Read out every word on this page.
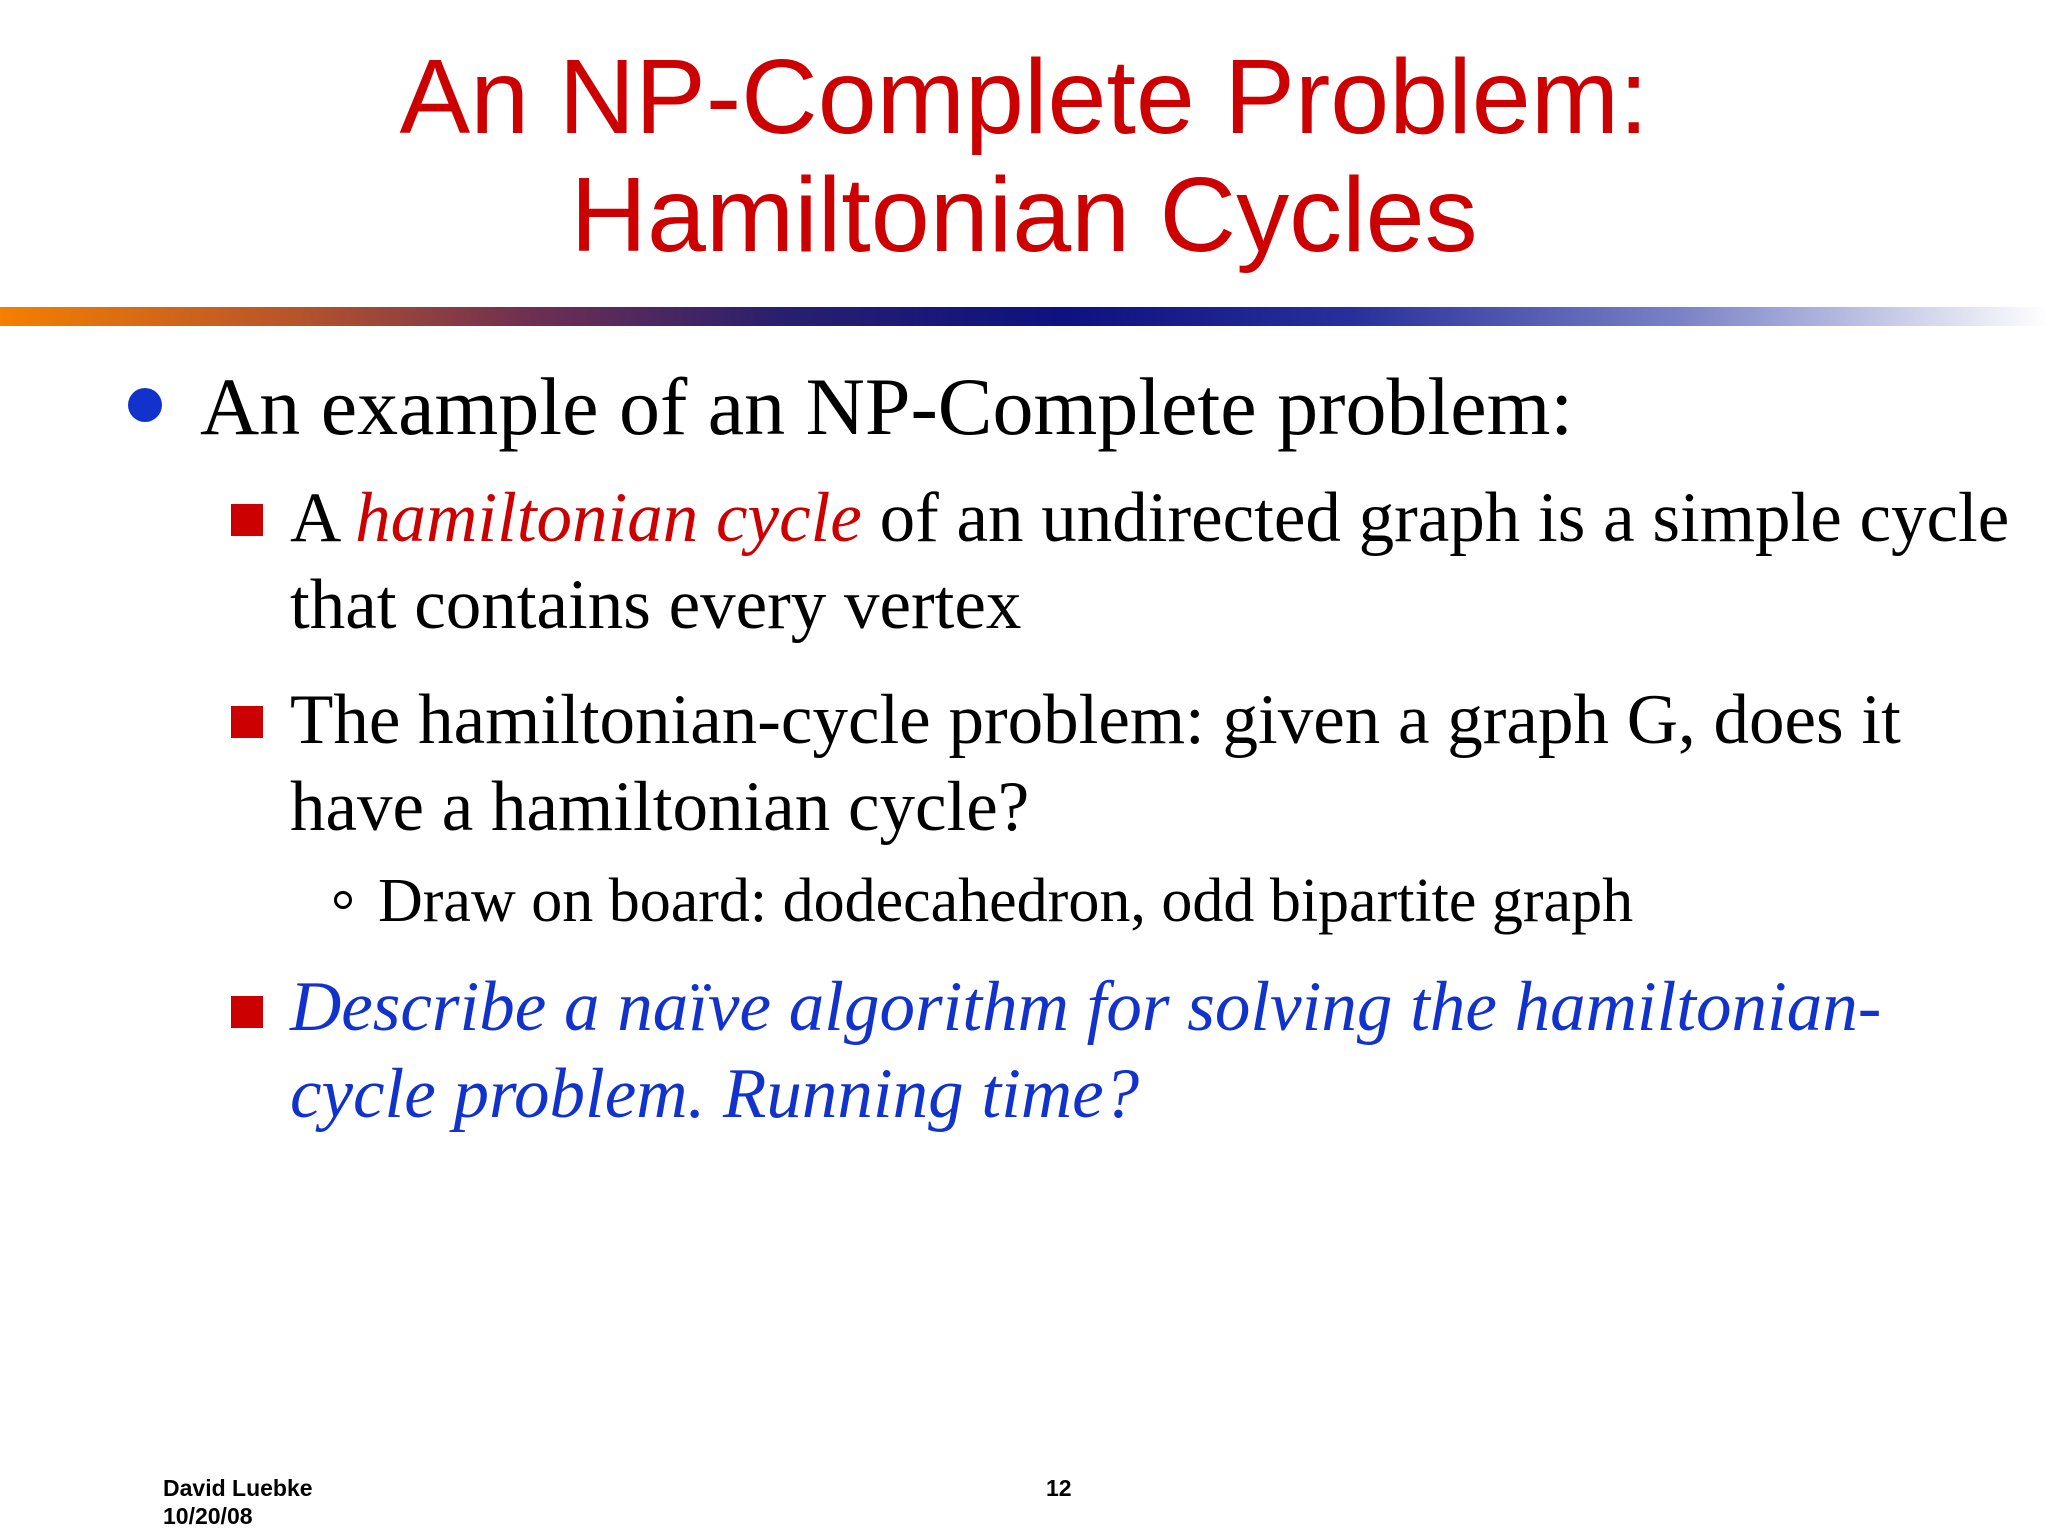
An NP-Complete Problem:
Hamiltonian Cycles
An example of an NP-Complete problem:
A hamiltonian cycle of an undirected graph is a simple cycle that contains every vertex
The hamiltonian-cycle problem: given a graph G, does it have a hamiltonian cycle?
Draw on board: dodecahedron, odd bipartite graph
Describe a naïve algorithm for solving the hamiltonian-cycle problem. Running time?
David Luebke
10/20/08
12
